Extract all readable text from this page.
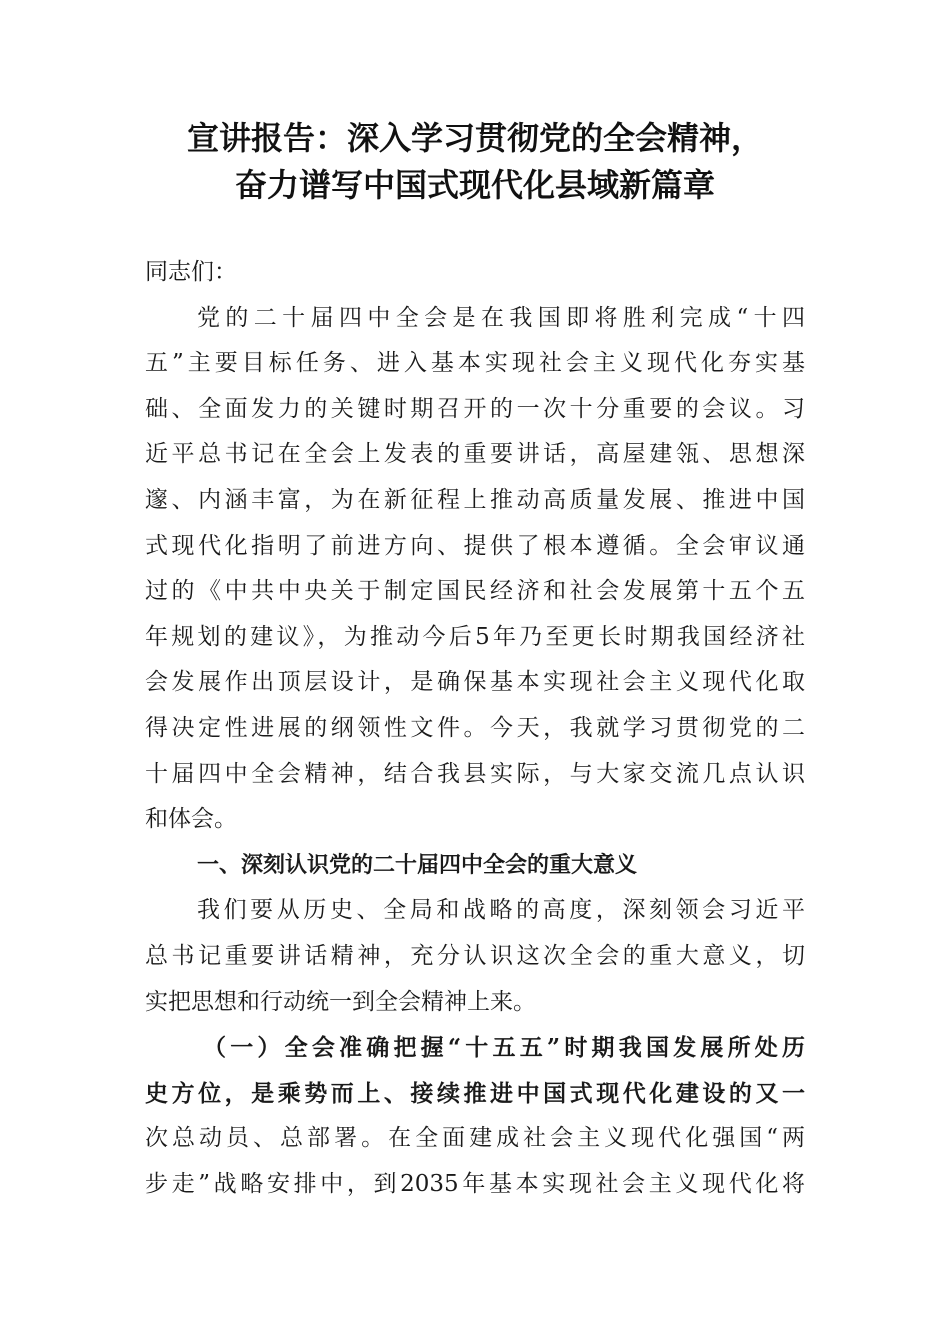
宣讲报告：深入学习贯彻党的全会精神，
奋力谱写中国式现代化县域新篇章
同志们：
党的二十届四中全会是在我国即将胜利完成“十四
五”主要目标任务、进入基本实现社会主义现代化夯实基
础、全面发力的关键时期召开的一次十分重要的会议。习
近平总书记在全会上发表的重要讲话，高屋建瓴、思想深
邃、内涵丰富，为在新征程上推动高质量发展、推进中国
式现代化指明了前进方向、提供了根本遵循。全会审议通
过的《中共中央关于制定国民经济和社会发展第十五个五
年规划的建议》，为推动今后5年乃至更长时期我国经济社
会发展作出顶层设计，是确保基本实现社会主义现代化取
得决定性进展的纲领性文件。今天，我就学习贯彻党的二
十届四中全会精神，结合我县实际，与大家交流几点认识
和体会。
一、深刻认识党的二十届四中全会的重大意义
我们要从历史、全局和战略的高度，深刻领会习近平
总书记重要讲话精神，充分认识这次全会的重大意义，切
实把思想和行动统一到全会精神上来。
（一）全会准确把握“十五五”时期我国发展所处历
史方位，是乘势而上、接续推进中国式现代化建设的又一
次总动员、总部署。在全面建成社会主义现代化强国“两
步走”战略安排中，到2035年基本实现社会主义现代化将
